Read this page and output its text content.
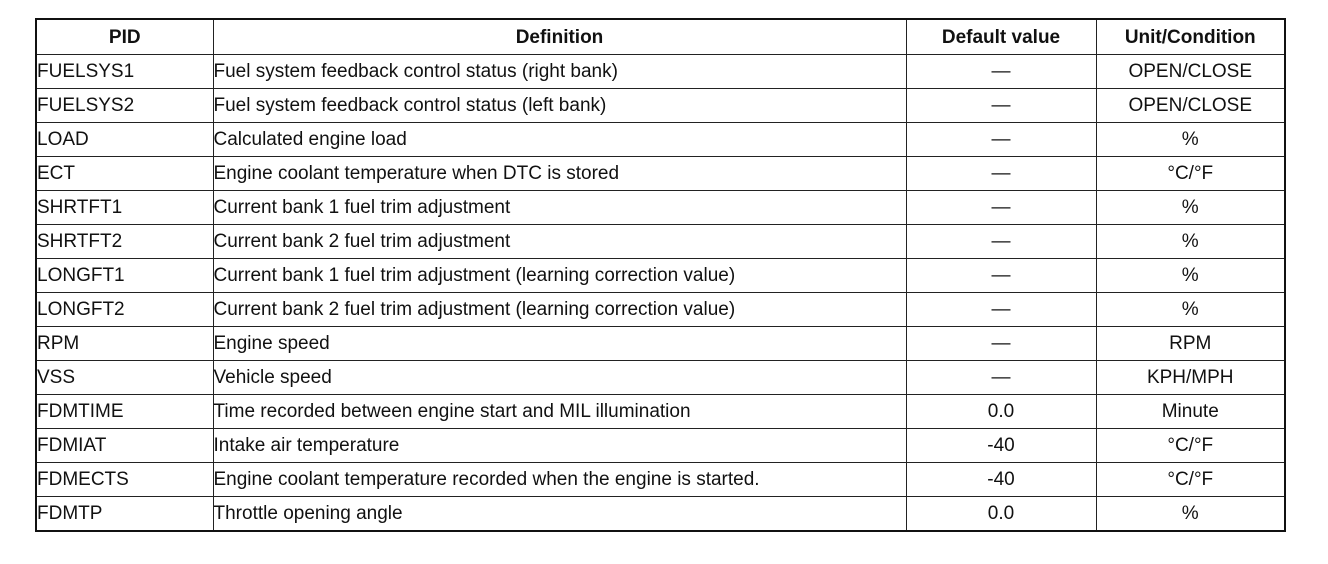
PID	Definition	Default value	Unit/Condition
FUELSYS1	Fuel system feedback control status (right bank)	—	OPEN/CLOSE
FUELSYS2	Fuel system feedback control status (left bank)	—	OPEN/CLOSE
LOAD	Calculated engine load	—	%
ECT	Engine coolant temperature when DTC is stored	—	°C/°F
SHRTFT1	Current bank 1 fuel trim adjustment	—	%
SHRTFT2	Current bank 2 fuel trim adjustment	—	%
LONGFT1	Current bank 1 fuel trim adjustment (learning correction value)	—	%
LONGFT2	Current bank 2 fuel trim adjustment (learning correction value)	—	%
RPM	Engine speed	—	RPM
VSS	Vehicle speed	—	KPH/MPH
FDMTIME	Time recorded between engine start and MIL illumination	0.0	Minute
FDMIAT	Intake air temperature	-40	°C/°F
FDMECTS	Engine coolant temperature recorded when the engine is started.	-40	°C/°F
FDMTP	Throttle opening angle	0.0	%
